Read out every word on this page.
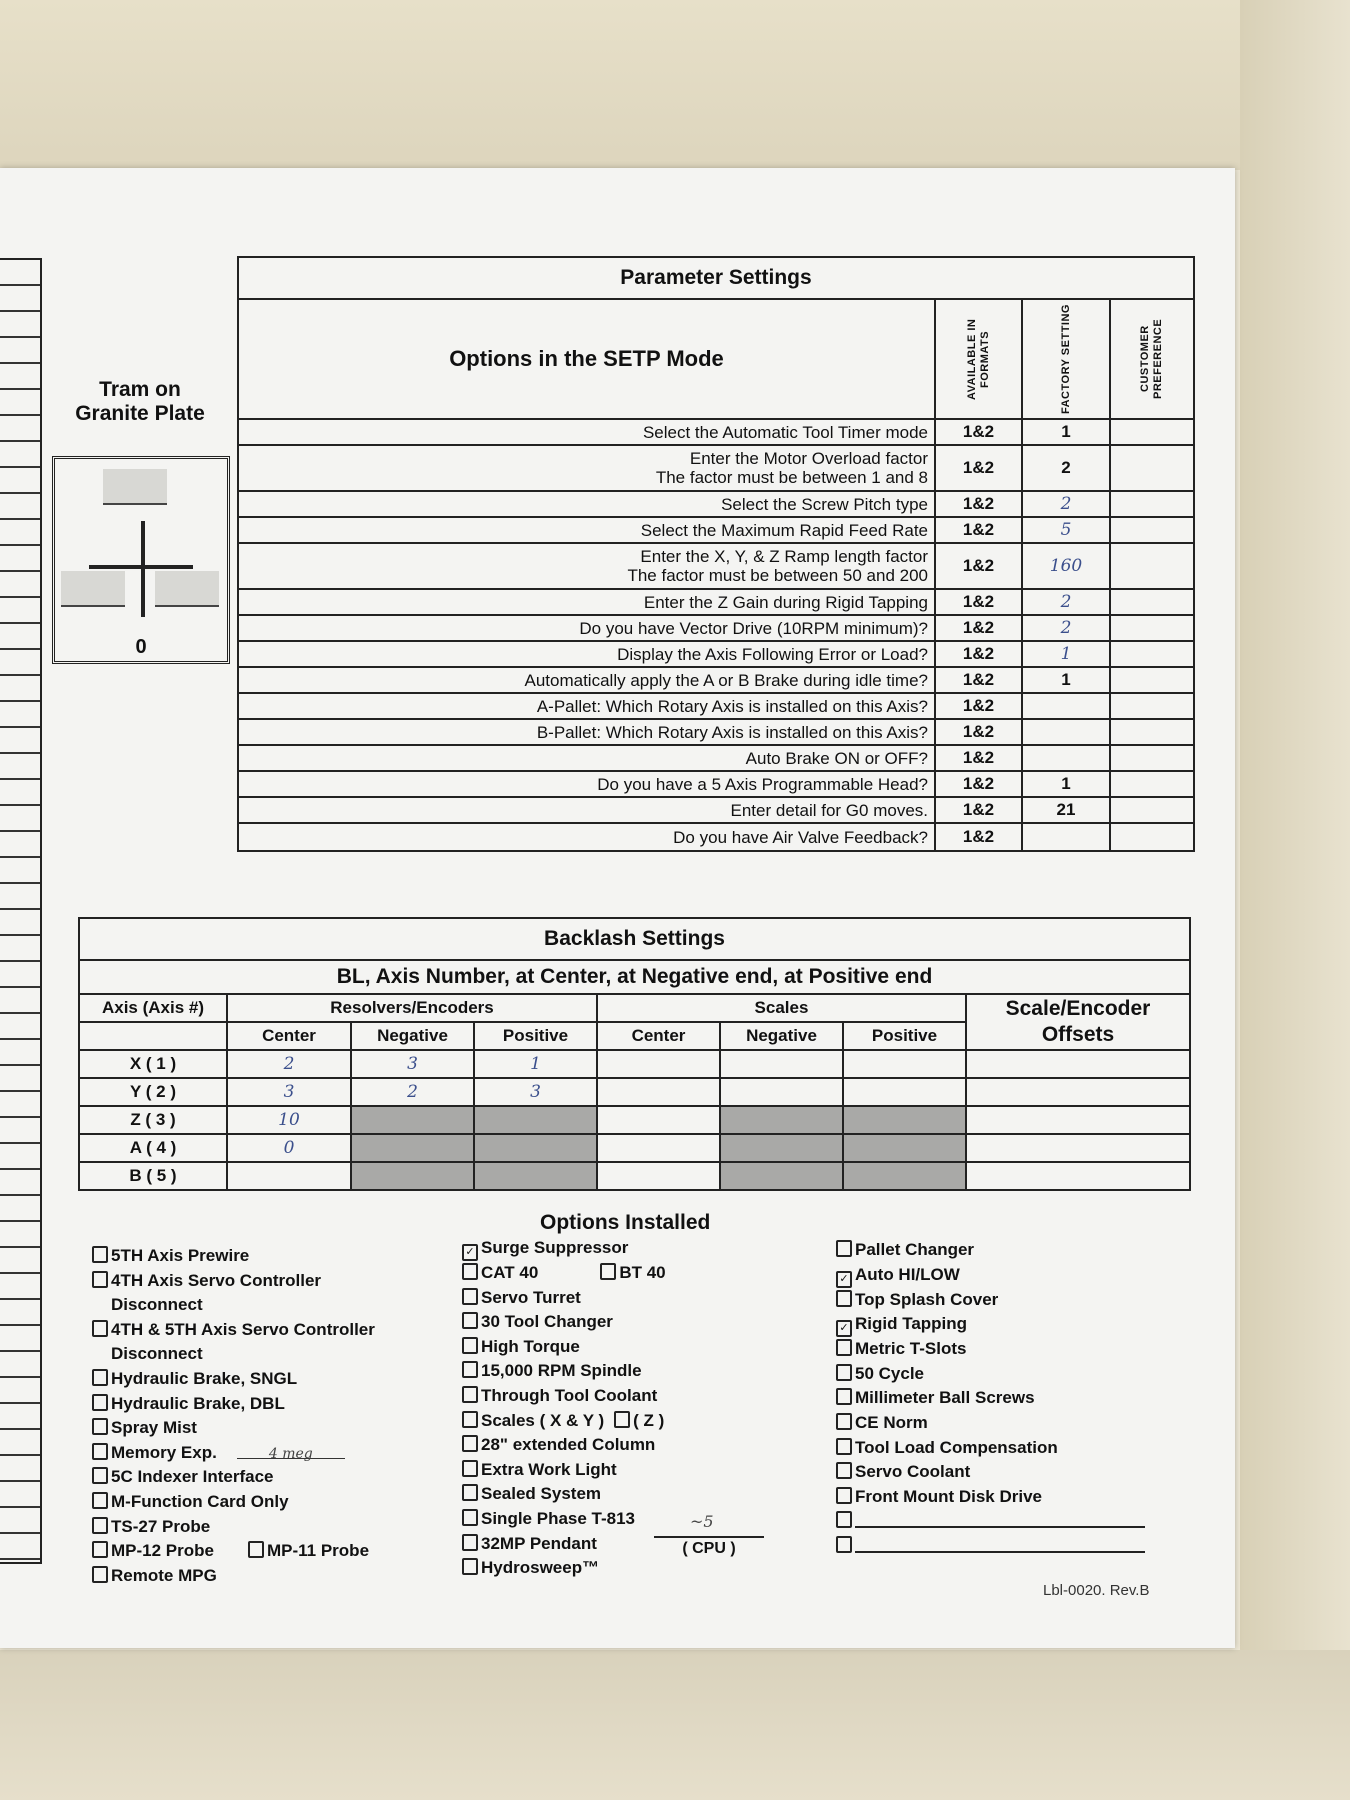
Tram on
Granite Plate
0
Parameter Settings			
Options in the SETP Mode	AVAILABLE IN FORMATS	FACTORY SETTING	CUSTOMER PREFERENCE

Select the Automatic Tool Timer mode	1&2	1	

Enter the Motor Overload factor
The factor must be between 1 and 8	1&2	2	

Select the Screw Pitch type	1&2	2	

Select the Maximum Rapid Feed Rate	1&2	5	

Enter the X, Y, & Z Ramp length factor
The factor must be between 50 and 200	1&2	160	

Enter the Z Gain during Rigid Tapping	1&2	2	

Do you have Vector Drive (10RPM minimum)?	1&2	2	

Display the Axis Following Error or Load?	1&2	1	

Automatically apply the A or B Brake during idle time?	1&2	1	

A-Pallet: Which Rotary Axis is installed on this Axis?	1&2		

B-Pallet: Which Rotary Axis is installed on this Axis?	1&2		

Auto Brake ON or OFF?	1&2		

Do you have a 5 Axis Programmable Head?	1&2	1	

Enter detail for G0 moves.	1&2	21	

Do you have Air Valve Feedback?	1&2		
Backlash Settings							
BL, Axis Number, at Center, at Negative end, at Positive end							
Axis (Axis #)	Resolvers/Encoders			Scales			Scale/Encoder
Offsets

	Center	Negative	Positive	Center	Negative	Positive	
X ( 1 )	2	3	1				
Y ( 2 )	3	2	3				
Z ( 3 )	10						
A ( 4 )	0						
B ( 5 )							
Options Installed
5TH Axis Prewire
4TH Axis Servo Controller
Disconnect
4TH & 5TH Axis Servo Controller
Disconnect
Hydraulic Brake, SNGL
Hydraulic Brake, DBL
Spray Mist
Memory Exp.	4 meg
5C Indexer Interface
M-Function Card Only
TS-27 Probe
MP-12 Probe	MP-11 Probe
Remote MPG
✓ Surge Suppressor
CAT 40	BT 40
Servo Turret
30 Tool Changer
High Torque
15,000 RPM Spindle
Through Tool Coolant
Scales ( X & Y ) ( Z )
28" extended Column
Extra Work Light
Sealed System
Single Phase T-813
32MP Pendant
Hydrosweep™
Pallet Changer
✓ Auto HI/LOW
Top Splash Cover
✓ Rigid Tapping
Metric T-Slots
50 Cycle
Millimeter Ball Screws
CE Norm
Tool Load Compensation
Servo Coolant
Front Mount Disk Drive
~5
( CPU )
Lbl-0020. Rev.B
